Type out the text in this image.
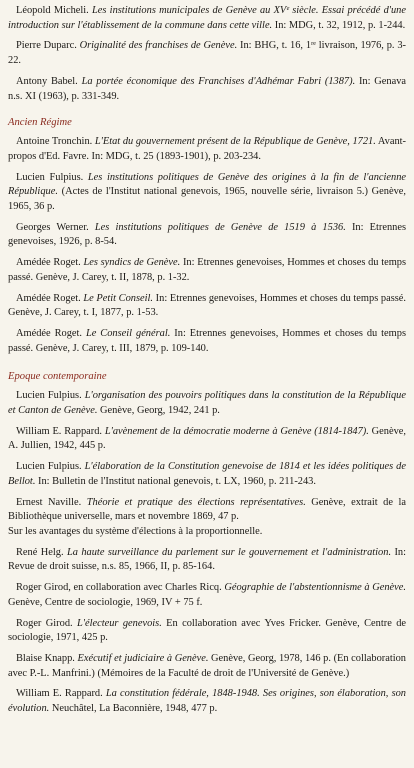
Léopold Micheli. Les institutions municipales de Genève au XVᵉ siècle. Essai précédé d'une introduction sur l'établissement de la commune dans cette ville. In: MDG, t. 32, 1912, p. 1-244.

Pierre Duparc. Originalité des franchises de Genève. In: BHG, t. 16, 1ʳᵉ livraison, 1976, p. 3-22.

Antony Babel. La portée économique des Franchises d'Adhémar Fabri (1387). In: Genava n.s. XI (1963), p. 331-349.

Ancien Régime

Antoine Tronchin. L'Etat du gouvernement présent de la République de Genève, 1721. Avant-propos d'Ed. Favre. In: MDG, t. 25 (1893-1901), p. 203-234.

Lucien Fulpius. Les institutions politiques de Genève des origines à la fin de l'ancienne République. (Actes de l'Institut national genevois, 1965, nouvelle série, livraison 5.) Genève, 1965, 36 p.

Georges Werner. Les institutions politiques de Genève de 1519 à 1536. In: Etrennes genevoises, 1926, p. 8-54.

Amédée Roget. Les syndics de Genève. In: Etrennes genevoises, Hommes et choses du temps passé. Genève, J. Carey, t. II, 1878, p. 1-32.

Amédée Roget. Le Petit Conseil. In: Etrennes genevoises, Hommes et choses du temps passé. Genève, J. Carey, t. I, 1877, p. 1-53.

Amédée Roget. Le Conseil général. In: Etrennes genevoises, Hommes et choses du temps passé. Genève, J. Carey, t. III, 1879, p. 109-140.

Epoque contemporaine

Lucien Fulpius. L'organisation des pouvoirs politiques dans la constitution de la République et Canton de Genève. Genève, Georg, 1942, 241 p.

William E. Rappard. L'avènement de la démocratie moderne à Genève (1814-1847). Genève, A. Jullien, 1942, 445 p.

Lucien Fulpius. L'élaboration de la Constitution genevoise de 1814 et les idées politiques de Bellot. In: Bulletin de l'Institut national genevois, t. LX, 1960, p. 211-243.

Ernest Naville. Théorie et pratique des élections représentatives. Genève, extrait de la Bibliothèque universelle, mars et novembre 1869, 47 p.
Sur les avantages du système d'élections à la proportionnelle.

René Helg. La haute surveillance du parlement sur le gouvernement et l'administration. In: Revue de droit suisse, n.s. 85, 1966, II, p. 85-164.

Roger Girod, en collaboration avec Charles Ricq. Géographie de l'abstentionnisme à Genève. Genève, Centre de sociologie, 1969, IV + 75 f.

Roger Girod. L'électeur genevois. En collaboration avec Yves Fricker. Genève, Centre de sociologie, 1971, 425 p.

Blaise Knapp. Exécutif et judiciaire à Genève. Genève, Georg, 1978, 146 p. (En collaboration avec P.-L. Manfrini.) (Mémoires de la Faculté de droit de l'Université de Genève.)

William E. Rappard. La constitution fédérale, 1848-1948. Ses origines, son élaboration, son évolution. Neuchâtel, La Baconnière, 1948, 477 p.
